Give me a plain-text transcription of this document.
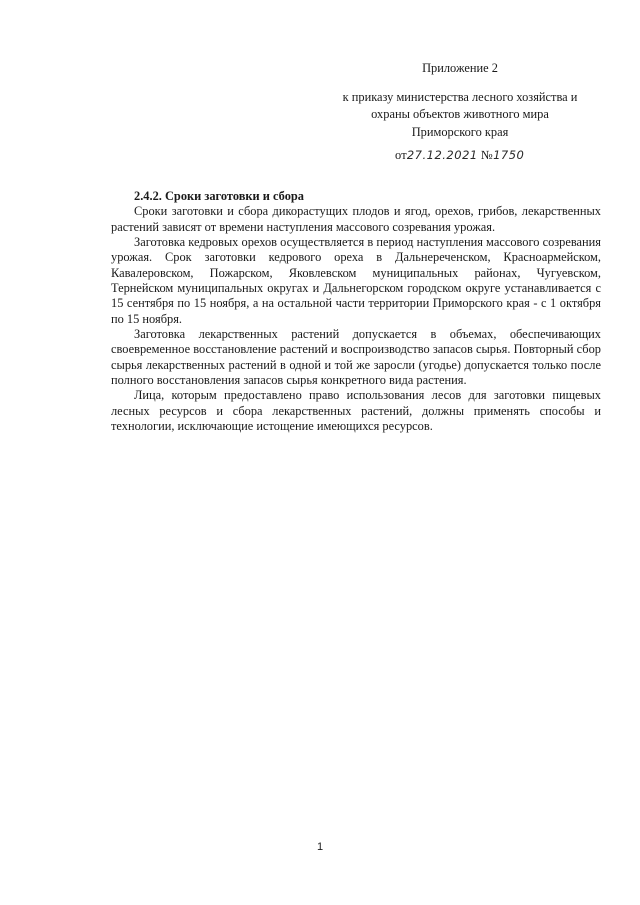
Приложение 2
к приказу министерства лесного хозяйства и
охраны объектов животного мира
Приморского края
от27.12.2021 №1750
2.4.2. Сроки заготовки и сбора

Сроки заготовки и сбора дикорастущих плодов и ягод, орехов, грибов, лекарственных растений зависят от времени наступления массового созревания урожая.

Заготовка кедровых орехов осуществляется в период наступления массового созревания урожая. Срок заготовки кедрового ореха в Дальнереченском, Красноармейском, Кавалеровском, Пожарском, Яковлевском муниципальных районах, Чугуевском, Тернейском муниципальных округах и Дальнегорском городском округе устанавливается с 15 сентября по 15 ноября, а на остальной части территории Приморского края - с 1 октября по 15 ноября.

Заготовка лекарственных растений допускается в объемах, обеспечивающих своевременное восстановление растений и воспроизводство запасов сырья. Повторный сбор сырья лекарственных растений в одной и той же заросли (угодье) допускается только после полного восстановления запасов сырья конкретного вида растения.

Лица, которым предоставлено право использования лесов для заготовки пищевых лесных ресурсов и сбора лекарственных растений, должны применять способы и технологии, исключающие истощение имеющихся ресурсов.

1
